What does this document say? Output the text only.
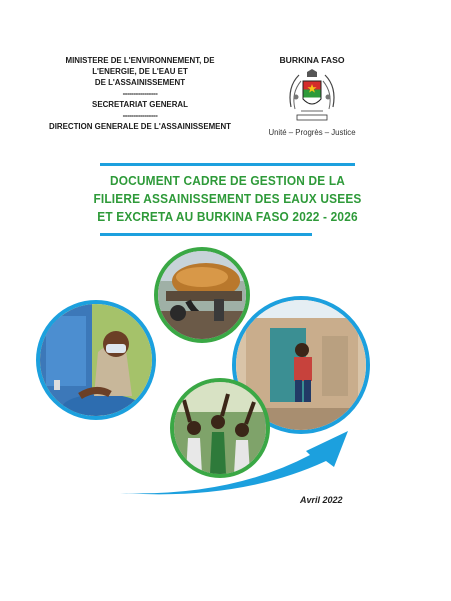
MINISTERE DE L'ENVIRONNEMENT, DE
L'ENERGIE, DE L'EAU ET
DE L'ASSAINISSEMENT
----------------
SECRETARIAT GENERAL
----------------
DIRECTION GENERALE DE L'ASSAINISSEMENT
BURKINA FASO
Unité – Progrès – Justice
DOCUMENT CADRE DE GESTION DE LA
FILIERE ASSAINISSEMENT DES EAUX USEES
ET EXCRETA AU BURKINA FASO 2022 - 2026
Avril 2022
